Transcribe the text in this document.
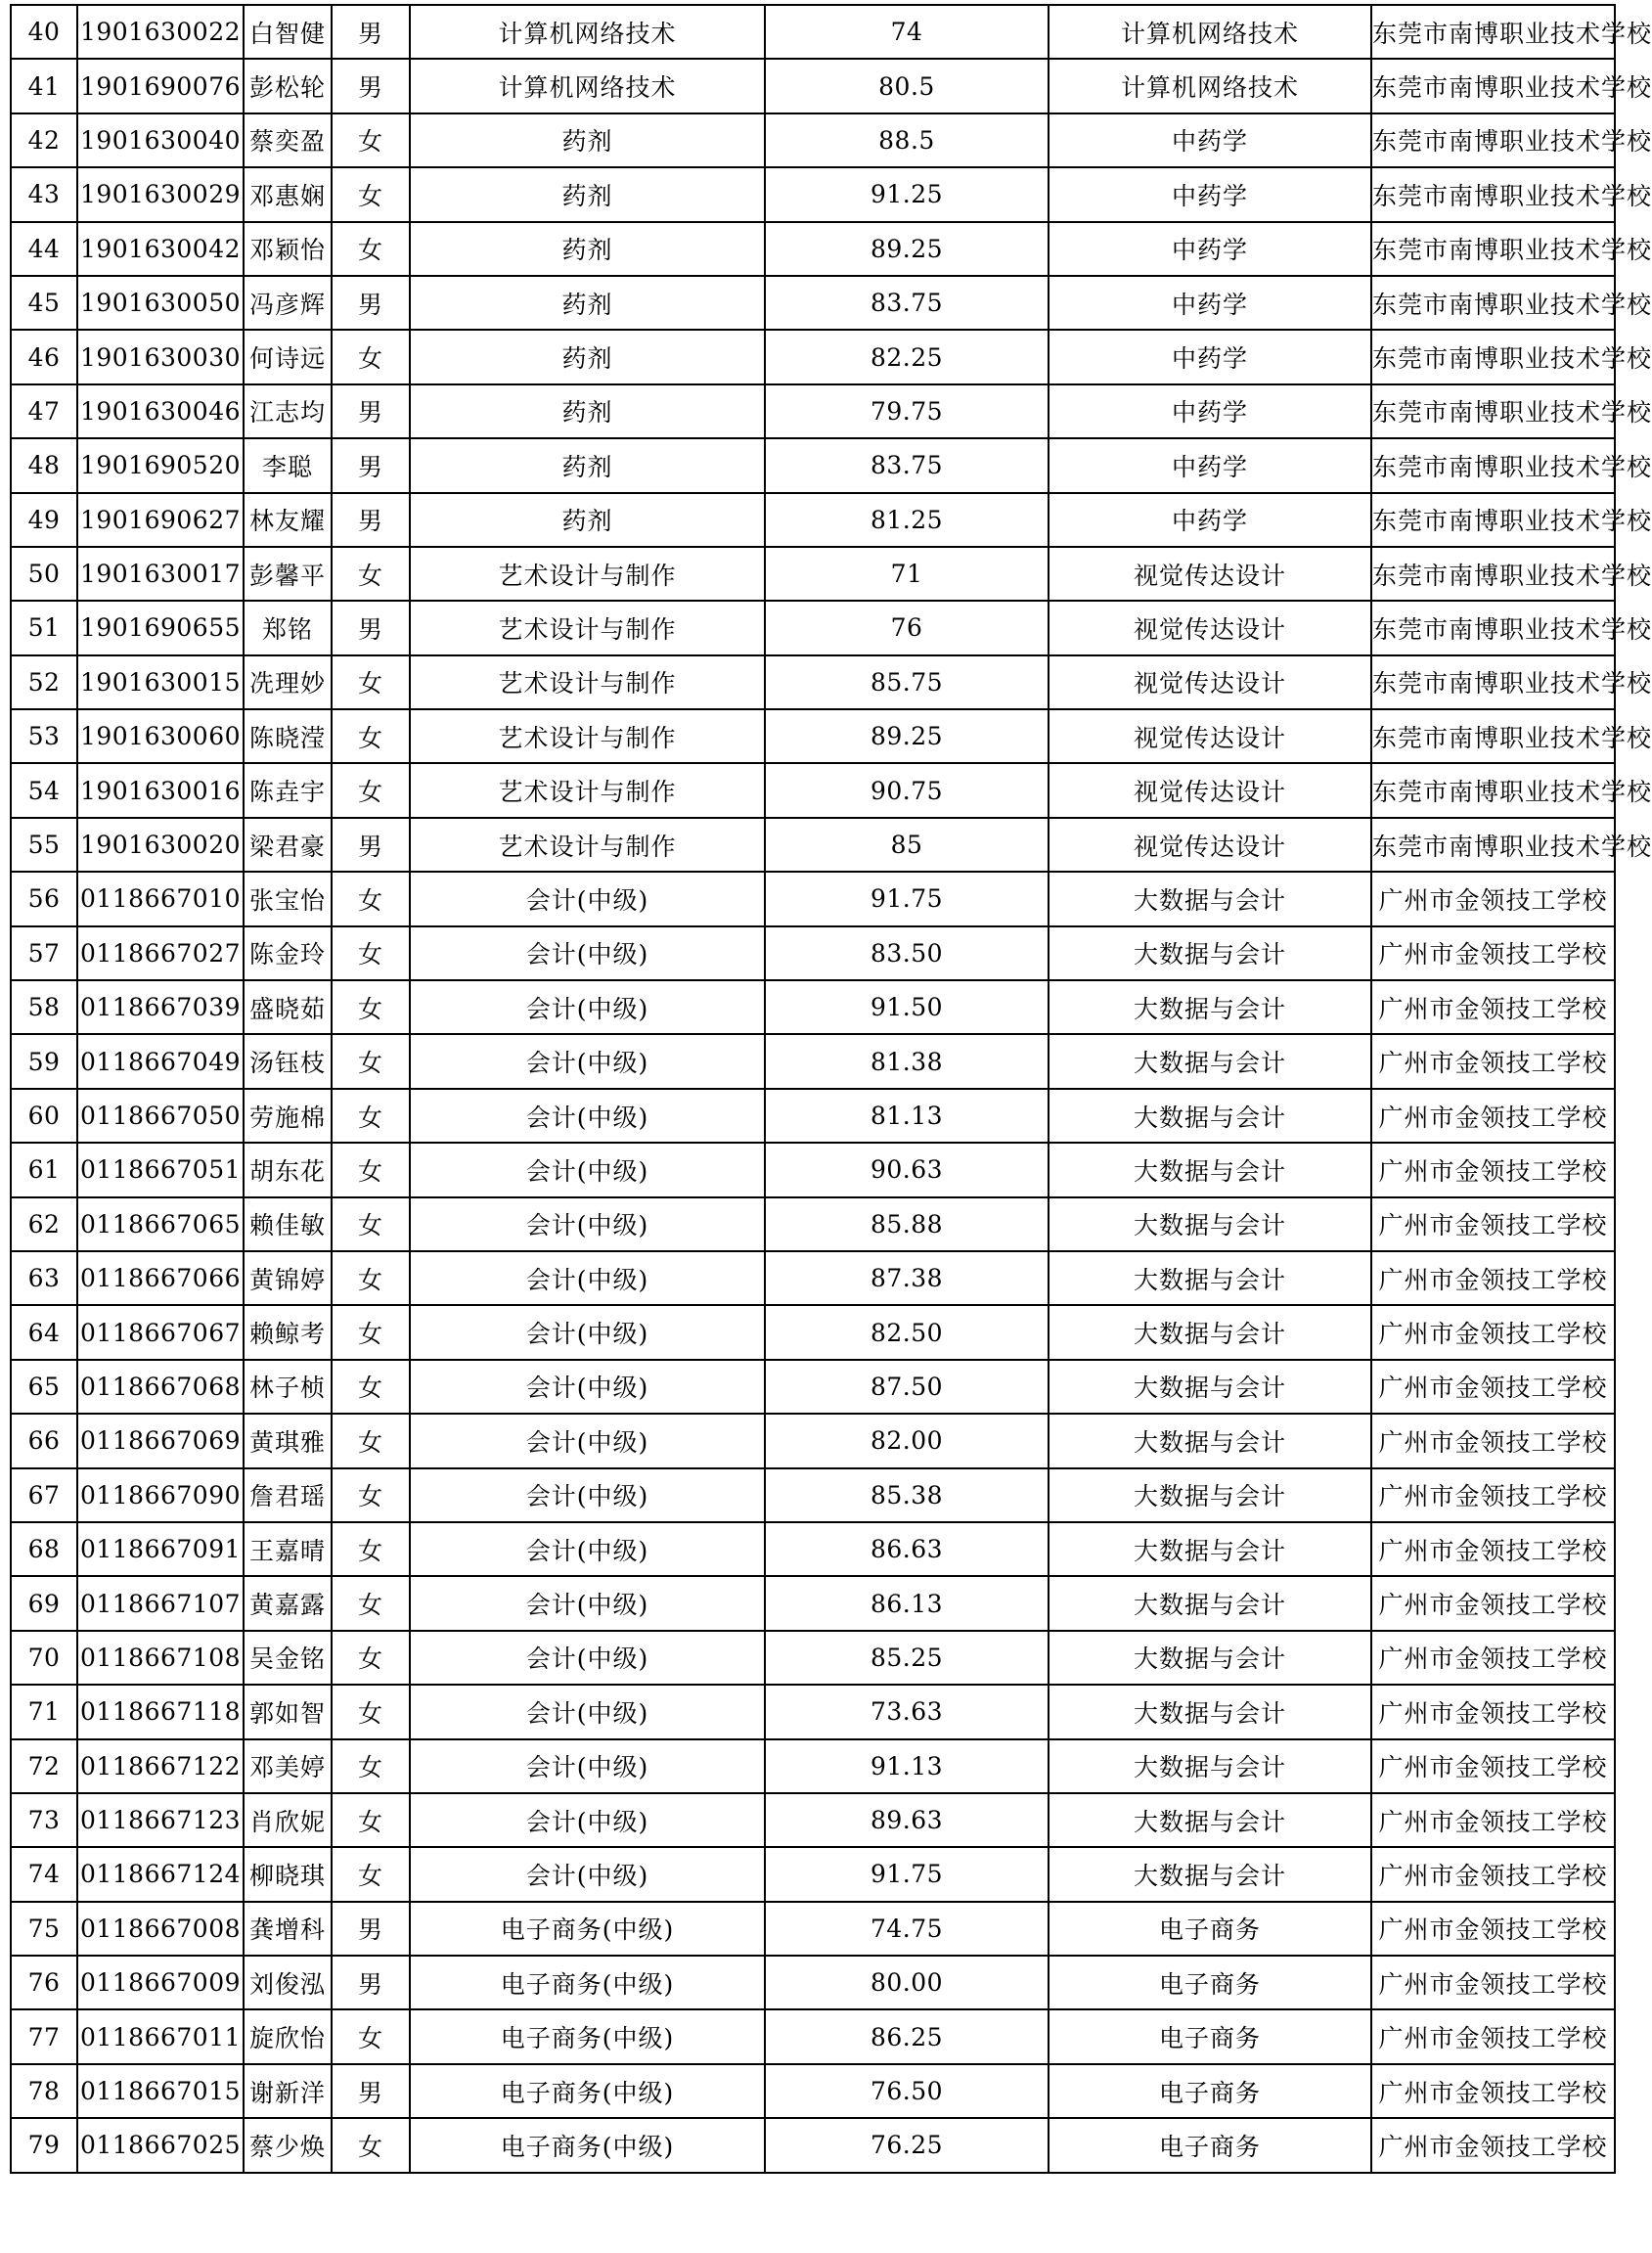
40	1901630022	白智健	男	计算机网络技术	74	计算机网络技术	东莞市南博职业技术学校
41	1901690076	彭松轮	男	计算机网络技术	80.5	计算机网络技术	东莞市南博职业技术学校
42	1901630040	蔡奕盈	女	药剂	88.5	中药学	东莞市南博职业技术学校
43	1901630029	邓惠娴	女	药剂	91.25	中药学	东莞市南博职业技术学校
44	1901630042	邓颖怡	女	药剂	89.25	中药学	东莞市南博职业技术学校
45	1901630050	冯彦辉	男	药剂	83.75	中药学	东莞市南博职业技术学校
46	1901630030	何诗远	女	药剂	82.25	中药学	东莞市南博职业技术学校
47	1901630046	江志均	男	药剂	79.75	中药学	东莞市南博职业技术学校
48	1901690520	李聪	男	药剂	83.75	中药学	东莞市南博职业技术学校
49	1901690627	林友耀	男	药剂	81.25	中药学	东莞市南博职业技术学校
50	1901630017	彭馨平	女	艺术设计与制作	71	视觉传达设计	东莞市南博职业技术学校
51	1901690655	郑铭	男	艺术设计与制作	76	视觉传达设计	东莞市南博职业技术学校
52	1901630015	冼理妙	女	艺术设计与制作	85.75	视觉传达设计	东莞市南博职业技术学校
53	1901630060	陈晓滢	女	艺术设计与制作	89.25	视觉传达设计	东莞市南博职业技术学校
54	1901630016	陈垚宇	女	艺术设计与制作	90.75	视觉传达设计	东莞市南博职业技术学校
55	1901630020	梁君豪	男	艺术设计与制作	85	视觉传达设计	东莞市南博职业技术学校
56	0118667010	张宝怡	女	会计(中级)	91.75	大数据与会计	广州市金领技工学校
57	0118667027	陈金玲	女	会计(中级)	83.50	大数据与会计	广州市金领技工学校
58	0118667039	盛晓茹	女	会计(中级)	91.50	大数据与会计	广州市金领技工学校
59	0118667049	汤钰枝	女	会计(中级)	81.38	大数据与会计	广州市金领技工学校
60	0118667050	劳施棉	女	会计(中级)	81.13	大数据与会计	广州市金领技工学校
61	0118667051	胡东花	女	会计(中级)	90.63	大数据与会计	广州市金领技工学校
62	0118667065	赖佳敏	女	会计(中级)	85.88	大数据与会计	广州市金领技工学校
63	0118667066	黄锦婷	女	会计(中级)	87.38	大数据与会计	广州市金领技工学校
64	0118667067	赖鲸考	女	会计(中级)	82.50	大数据与会计	广州市金领技工学校
65	0118667068	林子桢	女	会计(中级)	87.50	大数据与会计	广州市金领技工学校
66	0118667069	黄琪雅	女	会计(中级)	82.00	大数据与会计	广州市金领技工学校
67	0118667090	詹君瑶	女	会计(中级)	85.38	大数据与会计	广州市金领技工学校
68	0118667091	王嘉晴	女	会计(中级)	86.63	大数据与会计	广州市金领技工学校
69	0118667107	黄嘉露	女	会计(中级)	86.13	大数据与会计	广州市金领技工学校
70	0118667108	吴金铭	女	会计(中级)	85.25	大数据与会计	广州市金领技工学校
71	0118667118	郭如智	女	会计(中级)	73.63	大数据与会计	广州市金领技工学校
72	0118667122	邓美婷	女	会计(中级)	91.13	大数据与会计	广州市金领技工学校
73	0118667123	肖欣妮	女	会计(中级)	89.63	大数据与会计	广州市金领技工学校
74	0118667124	柳晓琪	女	会计(中级)	91.75	大数据与会计	广州市金领技工学校
75	0118667008	龚增科	男	电子商务(中级)	74.75	电子商务	广州市金领技工学校
76	0118667009	刘俊泓	男	电子商务(中级)	80.00	电子商务	广州市金领技工学校
77	0118667011	旋欣怡	女	电子商务(中级)	86.25	电子商务	广州市金领技工学校
78	0118667015	谢新洋	男	电子商务(中级)	76.50	电子商务	广州市金领技工学校
79	0118667025	蔡少焕	女	电子商务(中级)	76.25	电子商务	广州市金领技工学校
